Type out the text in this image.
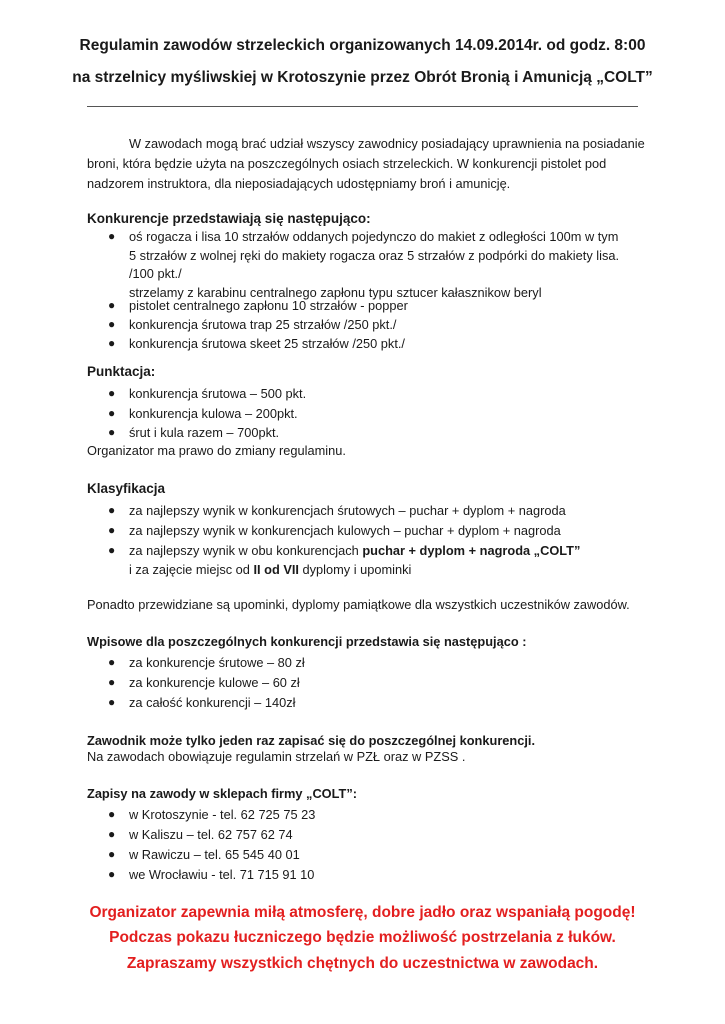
Regulamin zawodów strzeleckich organizowanych 14.09.2014r. od godz. 8:00
na strzelnicy myśliwskiej w Krotoszynie przez Obrót Bronią i Amunicją „COLT”
W zawodach mogą brać udział wszyscy zawodnicy posiadający uprawnienia na posiadanie broni, która będzie użyta na poszczególnych osiach strzeleckich. W konkurencji pistolet pod nadzorem instruktora, dla nieposiadających udostępniamy broń i amunicję.
Konkurencje przedstawiają się następująco:
● oś rogacza i lisa 10 strzałów oddanych pojedynczo do makiet z odległości 100m w tym
5 strzałów z wolnej ręki do makiety rogacza oraz 5 strzałów z podpórki do makiety lisa.
/100 pkt./
strzelamy z karabinu centralnego zapłonu typu sztucer kałasznikow beryl
● pistolet centralnego zapłonu 10 strzałów - popper
● konkurencja śrutowa trap 25 strzałów /250 pkt./
● konkurencja śrutowa skeet 25 strzałów /250 pkt./
Punktacja:
● konkurencja śrutowa – 500 pkt.
● konkurencja kulowa – 200pkt.
● śrut i kula razem – 700pkt.
Organizator ma prawo do zmiany regulaminu.
Klasyfikacja
● za najlepszy wynik w konkurencjach śrutowych – puchar + dyplom + nagroda
● za najlepszy wynik w konkurencjach kulowych – puchar + dyplom + nagroda
● za najlepszy wynik w obu konkurencjach puchar + dyplom + nagroda „COLT”
i za zajęcie miejsc od II od VII dyplomy i upominki
Ponadto przewidziane są upominki, dyplomy pamiątkowe dla wszystkich uczestników zawodów.
Wpisowe dla poszczególnych konkurencji przedstawia się następująco :
● za konkurencje śrutowe – 80 zł
● za konkurencje kulowe – 60 zł
● za całość konkurencji – 140zł
Zawodnik może tylko jeden raz zapisać się do poszczególnej konkurencji.
Na zawodach obowiązuje regulamin strzelań w PZŁ oraz w PZSS .
Zapisy na zawody w sklepach firmy „COLT”:
● w Krotoszynie - tel. 62 725 75 23
● w Kaliszu – tel. 62 757 62 74
● w Rawiczu – tel. 65 545 40 01
● we Wrocławiu - tel. 71 715 91 10
Organizator zapewnia miłą atmosferę, dobre jadło oraz wspaniałą pogodę!
Podczas pokazu łuczniczego będzie możliwość postrzelania z łuków.
Zapraszamy wszystkich chętnych do uczestnictwa w zawodach.
